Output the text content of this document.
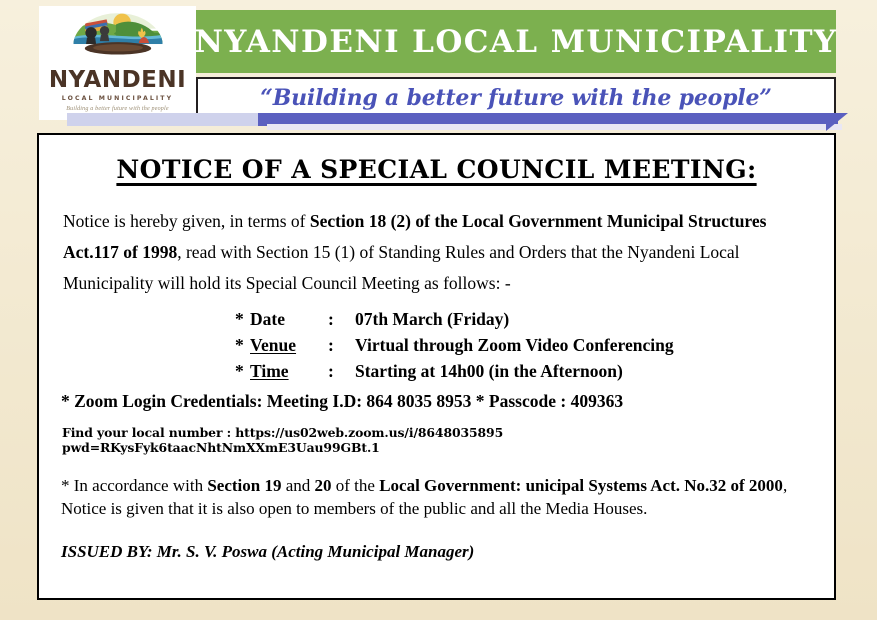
NYANDENI
LOCAL MUNICIPALITY
Building a better future with the people
NYANDENI LOCAL MUNICIPALITY
“Building a better future with the people”
NOTICE OF A SPECIAL COUNCIL MEETING:

Notice is hereby given, in terms of Section 18 (2) of the Local Government Municipal Structures Act.117 of 1998, read with Section 15 (1) of Standing Rules and Orders that the Nyandeni Local Municipality will hold its Special Council Meeting as follows: -

* Date	:	07th March (Friday)
* Venue	:	Virtual through Zoom Video Conferencing
* Time	:	Starting at 14h00 (in the Afternoon)
* Zoom Login Credentials: Meeting I.D: 864 8035 8953 * Passcode : 409363
Find your local number : https://us02web.zoom.us/i/8648035895
pwd=RKysFyk6taacNhtNmXXmE3Uau99GBt.1

* In accordance with Section 19 and 20 of the Local Government: unicipal Systems Act. No.32 of 2000, Notice is given that it is also open to members of the public and all the Media Houses.

ISSUED BY: Mr. S. V. Poswa (Acting Municipal Manager)
